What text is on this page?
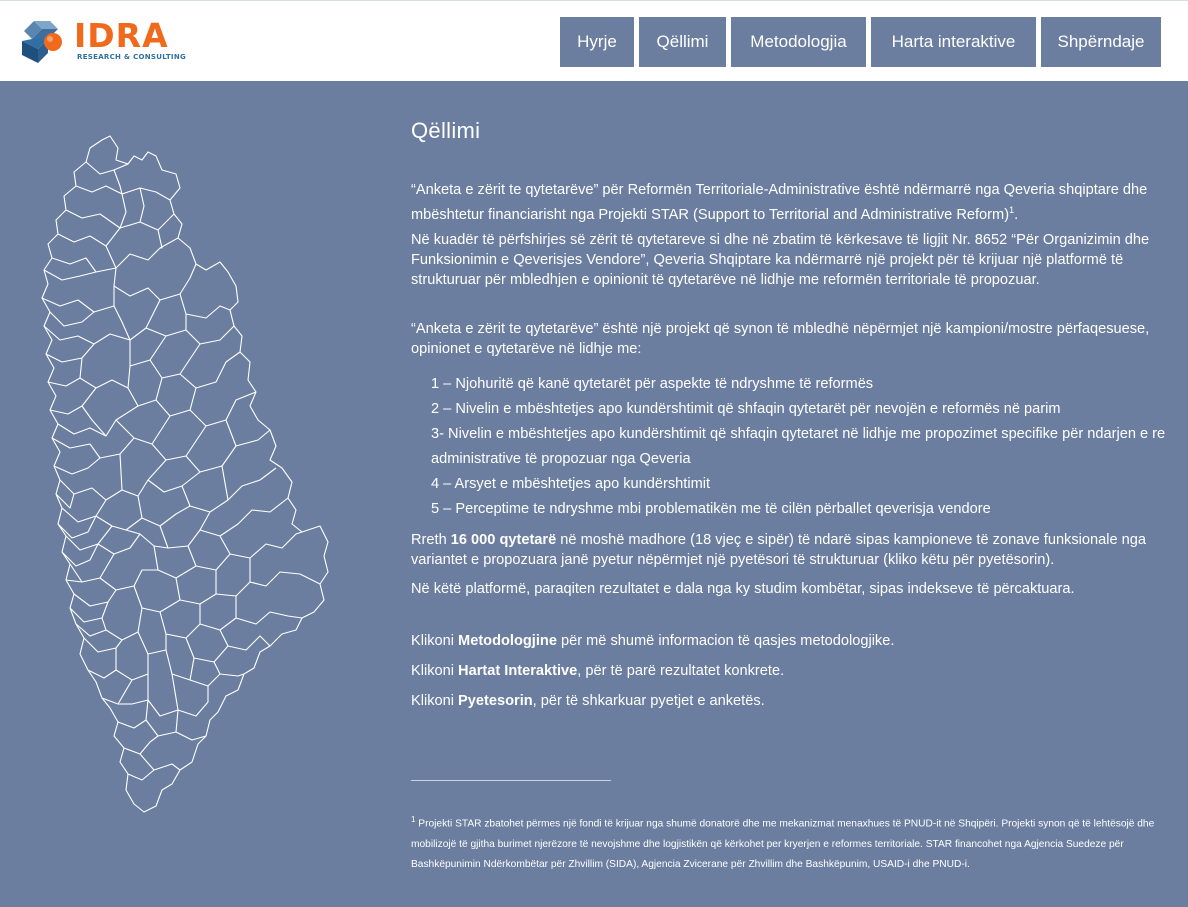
IDRA
RESEARCH & CONSULTING
Hyrje	Qëllimi	Metodologjia	Harta interaktive	Shpërndaje
Qëllimi

“Anketa e zërit te qytetarëve” për Reformën Territoriale-Administrative është ndërmarrë nga Qeveria shqiptare dhe mbështetur financiarisht nga Projekti STAR (Support to Territorial and Administrative Reform)$^1$.

Në kuadër të përfshirjes së zërit të qytetareve si dhe në zbatim të kërkesave të ligjit Nr. 8652 “Për Organizimin dhe Funksionimin e Qeverisjes Vendore”, Qeveria Shqiptare ka ndërmarrë një projekt për të krijuar një platformë të strukturuar për mbledhjen e opinionit të qytetarëve në lidhje me reformën territoriale të propozuar.

“Anketa e zërit te qytetarëve” është një projekt që synon të mbledhë nëpërmjet një kampioni/mostre përfaqesuese, opinionet e qytetarëve në lidhje me:

1 – Njohuritë që kanë qytetarët për aspekte të ndryshme të reformës
2 – Nivelin e mbështetjes apo kundërshtimit që shfaqin qytetarët për nevojën e reformës në parim
3- Nivelin e mbështetjes apo kundërshtimit që shfaqin qytetaret në lidhje me propozimet specifike për ndarjen e re administrative të propozuar nga Qeveria
4 – Arsyet e mbështetjes apo kundërshtimit
5 – Perceptime te ndryshme mbi problematikën me të cilën përballet qeverisja vendore

Rreth 16 000 qytetarë në moshë madhore (18 vjeç e sipër) të ndarë sipas kampioneve të zonave funksionale nga variantet e propozuara janë pyetur nëpërmjet një pyetësori të strukturuar (kliko këtu për pyetësorin).

Në këtë platformë, paraqiten rezultatet e dala nga ky studim kombëtar, sipas indekseve të përcaktuara.

Klikoni Metodologjine për më shumë informacion të qasjes metodologjike.

Klikoni Hartat Interaktive, për të parë rezultatet konkrete.

Klikoni Pyetesorin, për të shkarkuar pyetjet e anketës.

$^1$ Projekti STAR zbatohet përmes një fondi të krijuar nga shumë donatorë dhe me mekanizmat menaxhues të PNUD-it në Shqipëri. Projekti synon që të lehtësojë dhe mobilizojë të gjitha burimet njerëzore të nevojshme dhe logjistikën që kërkohet per kryerjen e reformes territoriale. STAR financohet nga Agjencia Suedeze për Bashkëpunimin Ndërkombëtar për Zhvillim (SIDA), Agjencia Zvicerane për Zhvillim dhe Bashkëpunim, USAID-i dhe PNUD-i.
